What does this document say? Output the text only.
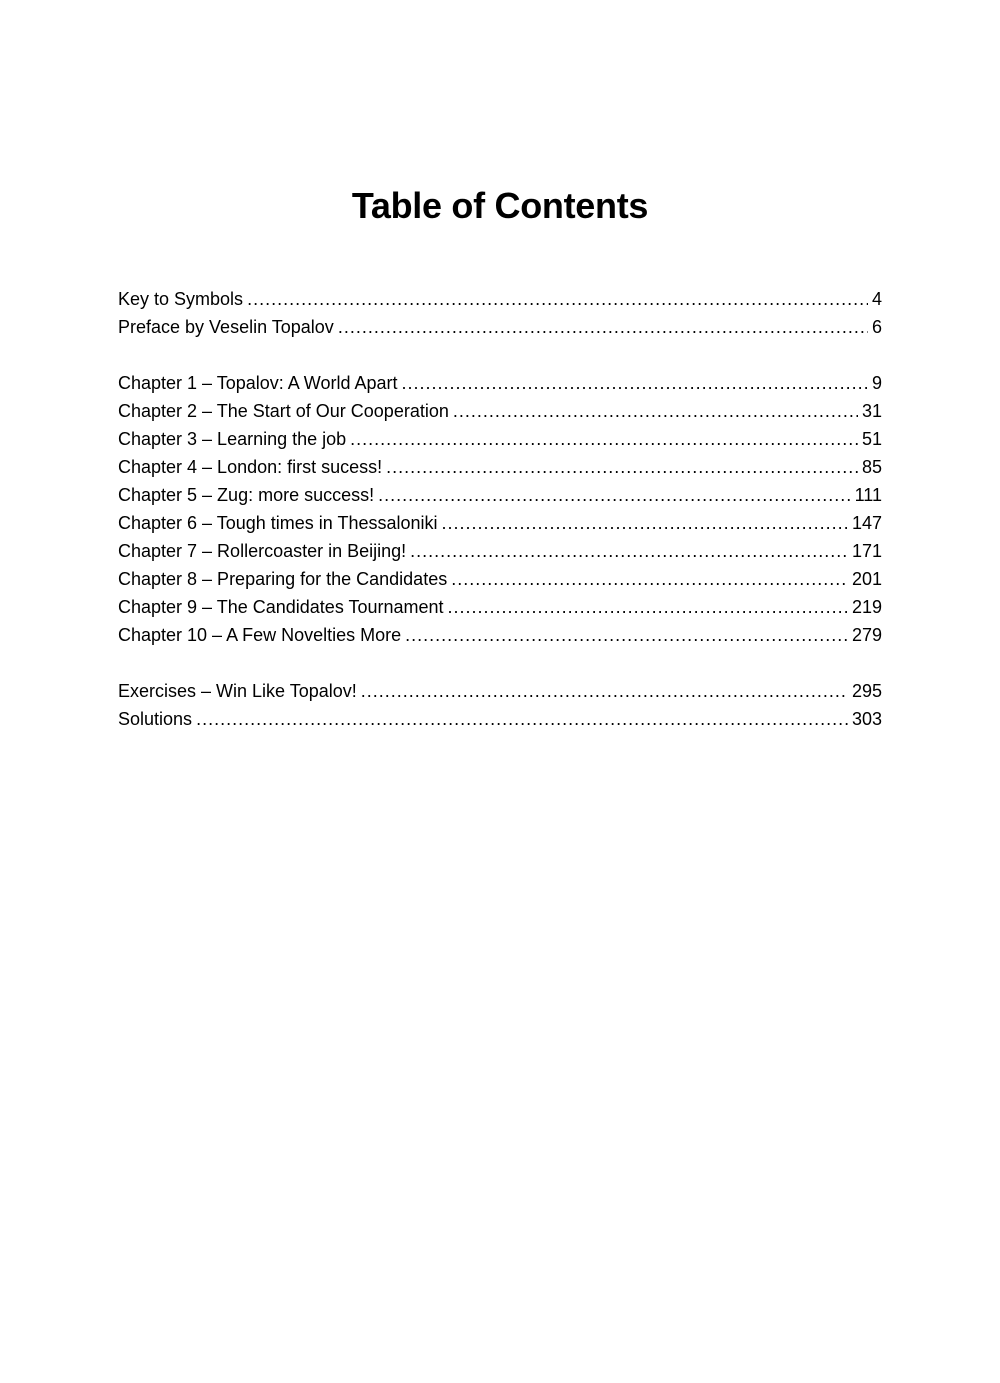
Table of Contents
Key to Symbols .....	4
Preface by Veselin Topalov .....	6
Chapter 1 – Topalov: A World Apart .....	9
Chapter 2 – The Start of Our Cooperation .....	31
Chapter 3 – Learning the job .....	51
Chapter 4 – London: first sucess! .....	85
Chapter 5 – Zug: more success! .....	111
Chapter 6 – Tough times in Thessaloniki .....	147
Chapter 7 – Rollercoaster in Beijing! .....	171
Chapter 8 – Preparing for the Candidates .....	201
Chapter 9 – The Candidates Tournament .....	219
Chapter 10 – A Few Novelties More .....	279
Exercises – Win Like Topalov! .....	295
Solutions .....	303
